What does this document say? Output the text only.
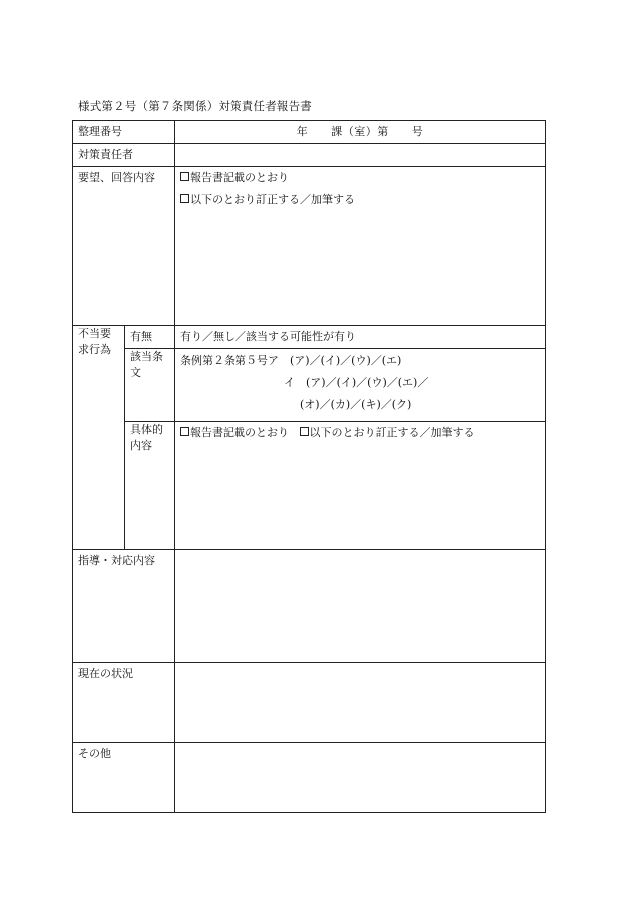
様式第２号（第７条関係）対策責任者報告書
整理番号		年　　課（室）第　　号
対策責任者		
要望、回答内容		報告書記載のとおり
以下のとおり訂正する／加筆する

不当要求行為	有無	有り／無し／該当する可能性が有り
	該当条文	条例第２条第５号ア　(ア)／(イ)／(ウ)／(エ)
イ　(ア)／(イ)／(ウ)／(エ)／
(オ)／(カ)／(キ)／(ク)

	具体的内容	報告書記載のとおり 以下のとおり訂正する／加筆する

指導・対応内容		
現在の状況		
その他		
